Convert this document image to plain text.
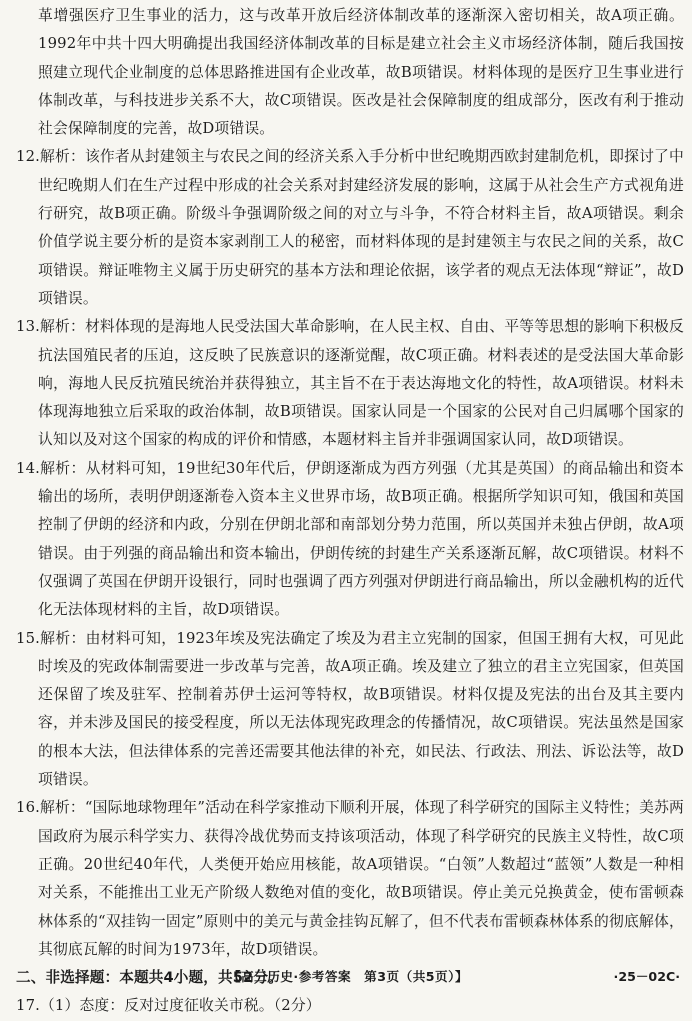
革增强医疗卫生事业的活力，这与改革开放后经济体制改革的逐渐深入密切相关，故A项正确。1992年中共十四大明确提出我国经济体制改革的目标是建立社会主义市场经济体制，随后我国按照建立现代企业制度的总体思路推进国有企业改革，故B项错误。材料体现的是医疗卫生事业进行体制改革，与科技进步关系不大，故C项错误。医改是社会保障制度的组成部分，医改有利于推动社会保障制度的完善，故D项错误。

12.解析：该作者从封建领主与农民之间的经济关系入手分析中世纪晚期西欧封建制危机，即探讨了中世纪晚期人们在生产过程中形成的社会关系对封建经济发展的影响，这属于从社会生产方式视角进行研究，故B项正确。阶级斗争强调阶级之间的对立与斗争，不符合材料主旨，故A项错误。剩余价值学说主要分析的是资本家剥削工人的秘密，而材料体现的是封建领主与农民之间的关系，故C项错误。辩证唯物主义属于历史研究的基本方法和理论依据，该学者的观点无法体现“辩证”，故D项错误。

13.解析：材料体现的是海地人民受法国大革命影响，在人民主权、自由、平等等思想的影响下积极反抗法国殖民者的压迫，这反映了民族意识的逐渐觉醒，故C项正确。材料表述的是受法国大革命影响，海地人民反抗殖民统治并获得独立，其主旨不在于表达海地文化的特性，故A项错误。材料未体现海地独立后采取的政治体制，故B项错误。国家认同是一个国家的公民对自己归属哪个国家的认知以及对这个国家的构成的评价和情感，本题材料主旨并非强调国家认同，故D项错误。

14.解析：从材料可知，19世纪30年代后，伊朗逐渐成为西方列强（尤其是英国）的商品输出和资本输出的场所，表明伊朗逐渐卷入资本主义世界市场，故B项正确。根据所学知识可知，俄国和英国控制了伊朗的经济和内政，分别在伊朗北部和南部划分势力范围，所以英国并未独占伊朗，故A项错误。由于列强的商品输出和资本输出，伊朗传统的封建生产关系逐渐瓦解，故C项错误。材料不仅强调了英国在伊朗开设银行，同时也强调了西方列强对伊朗进行商品输出，所以金融机构的近代化无法体现材料的主旨，故D项错误。

15.解析：由材料可知，1923年埃及宪法确定了埃及为君主立宪制的国家，但国王拥有大权，可见此时埃及的宪政体制需要进一步改革与完善，故A项正确。埃及建立了独立的君主立宪国家，但英国还保留了埃及驻军、控制着苏伊士运河等特权，故B项错误。材料仅提及宪法的出台及其主要内容，并未涉及国民的接受程度，所以无法体现宪政理念的传播情况，故C项错误。宪法虽然是国家的根本大法，但法律体系的完善还需要其他法律的补充，如民法、行政法、刑法、诉讼法等，故D项错误。

16.解析：“国际地球物理年”活动在科学家推动下顺利开展，体现了科学研究的国际主义特性；美苏两国政府为展示科学实力、获得冷战优势而支持该项活动，体现了科学研究的民族主义特性，故C项正确。20世纪40年代，人类便开始应用核能，故A项错误。“白领”人数超过“蓝领”人数是一种相对关系，不能推出工业无产阶级人数绝对值的变化，故B项错误。停止美元兑换黄金，使布雷顿森林体系的“双挂钩一固定”原则中的美元与黄金挂钩瓦解了，但不代表布雷顿森林体系的彻底解体，其彻底瓦解的时间为1973年，故D项错误。

二、非选择题：本题共4小题，共52分。

17.（1）态度：反对过度征收关市税。（2分）

【高三历史·参考答案　第3页（共5页）】	·25－02C·
